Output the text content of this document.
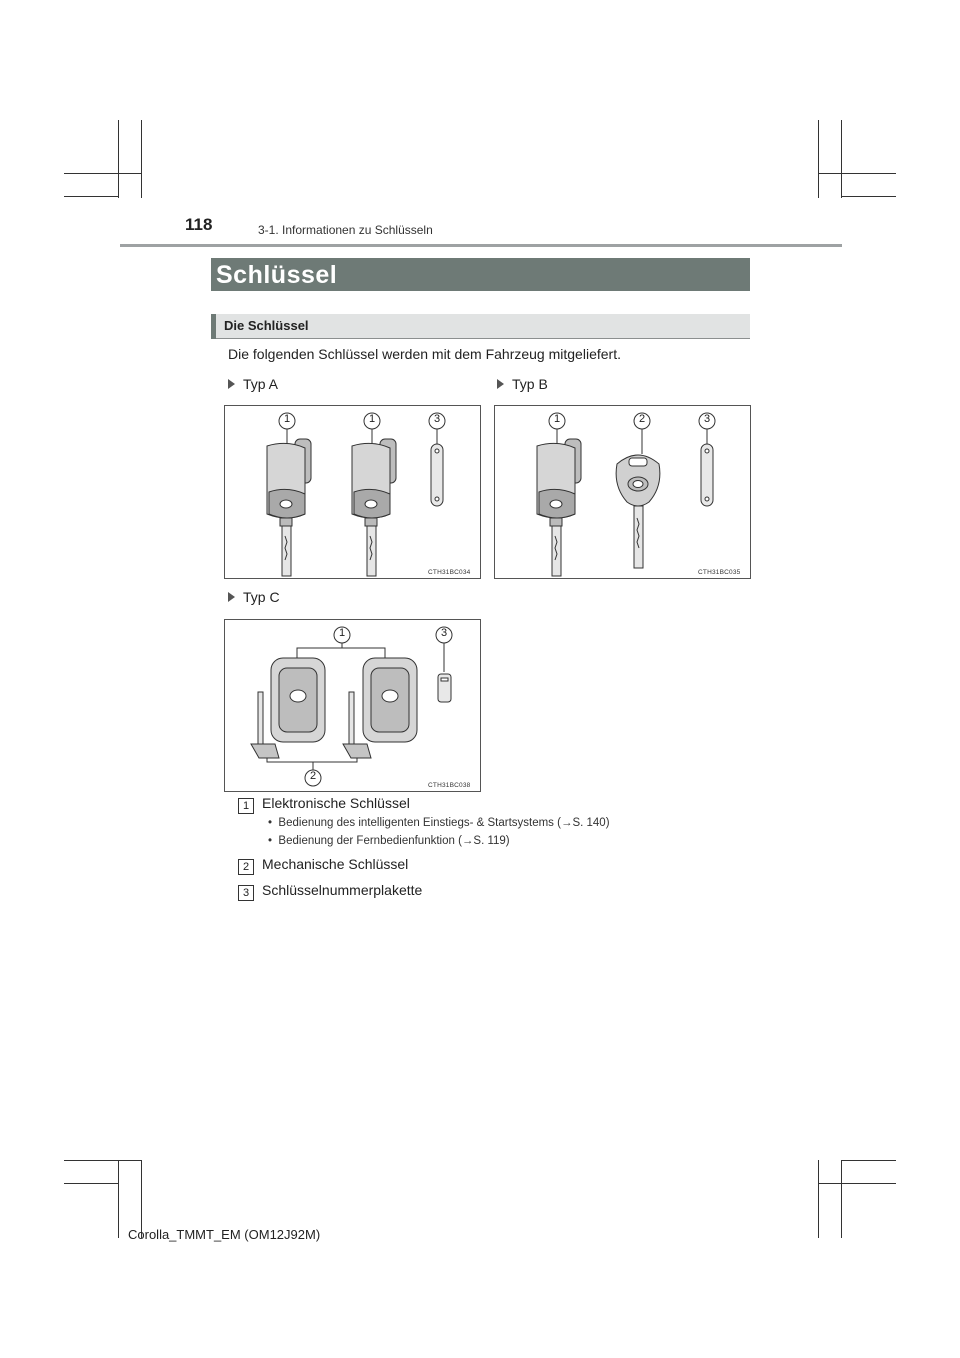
118	3-1. Informationen zu Schlüsseln
Schlüssel
Die Schlüssel
Die folgenden Schlüssel werden mit dem Fahrzeug mitgeliefert.
Typ A
CTH31BC034
Typ B
CTH31BC035
Typ C
CTH31BC038
1	1	3	1	2	3
1	3
2
1 Elektronische Schlüssel
•  Bedienung des intelligenten Einstiegs- & Startsystems (→S. 140)
•  Bedienung der Fernbedienfunktion (→S. 119)
2 Mechanische Schlüssel
3 Schlüsselnummerplakette
Corolla_TMMT_EM (OM12J92M)
